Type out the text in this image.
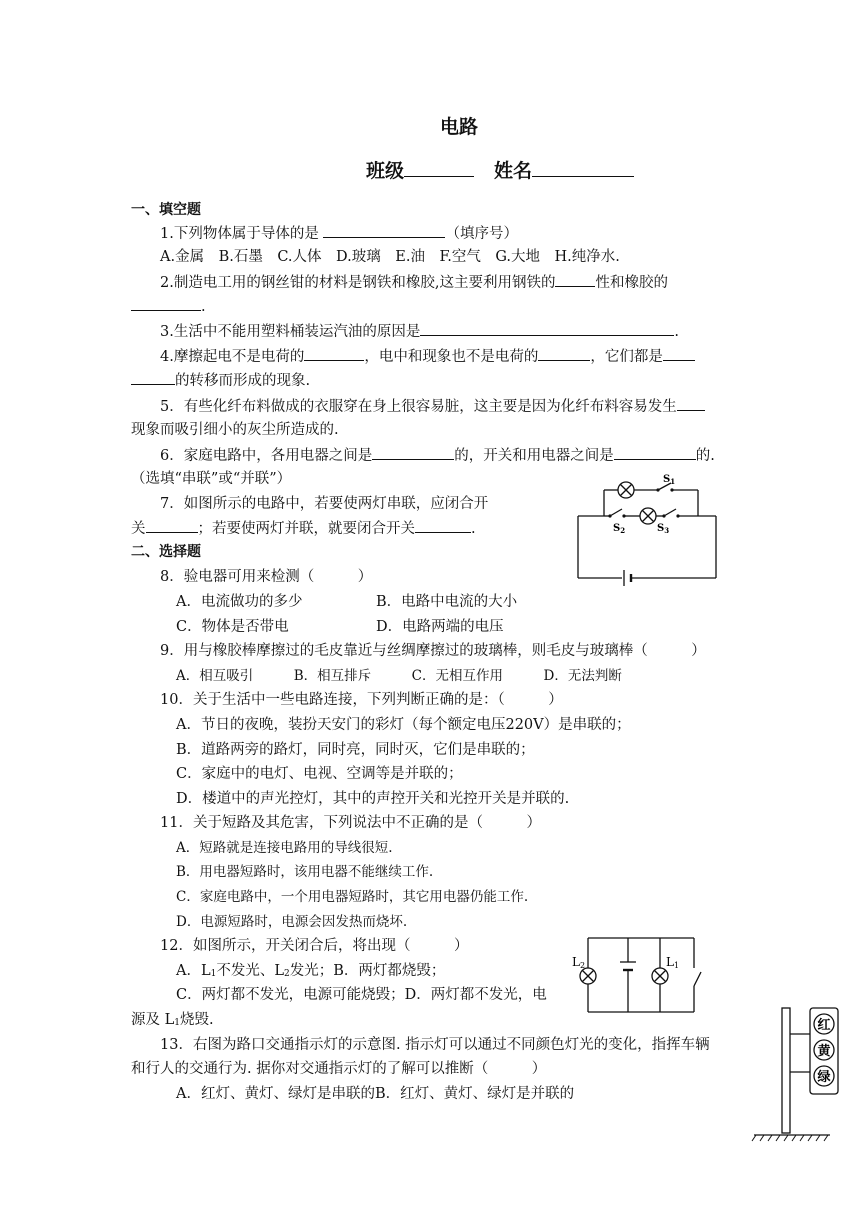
电路
班级	姓名
一、填空题
1.下列物体属于导体的是	（填序号）
A.金属　B.石墨　C.人体　D.玻璃　E.油　F.空气　G.大地　H.纯净水.
2.制造电工用的钢丝钳的材料是钢铁和橡胶,这主要利用钢铁的	性和橡胶的
.
3.生活中不能用塑料桶装运汽油的原因是	.
4.摩擦起电不是电荷的	，电中和现象也不是电荷的	，它们都是
的转移而形成的现象.
5．有些化纤布料做成的衣服穿在身上很容易脏，这主要是因为化纤布料容易发生
现象而吸引细小的灰尘所造成的.
6．家庭电路中，各用电器之间是	的，开关和用电器之间是	的.
（选填“串联”或“并联”）
7．如图所示的电路中，若要使两灯串联，应闭合开
关	；若要使两灯并联，就要闭合开关	.
$S_1$
$S_2$	$S_3$
二、选择题
8．验电器可用来检测（　　　）
A．电流做功的多少	B．电路中电流的大小
C．物体是否带电	D．电路两端的电压
9．用与橡胶棒摩擦过的毛皮靠近与丝绸摩擦过的玻璃棒，则毛皮与玻璃棒（　　　）
A．相互吸引　　　B．相互排斥　　　C．无相互作用　　　D．无法判断
10．关于生活中一些电路连接，下列判断正确的是：（　　　）
A．节日的夜晚，装扮天安门的彩灯（每个额定电压220V）是串联的；
B．道路两旁的路灯，同时亮，同时灭，它们是串联的；
C．家庭中的电灯、电视、空调等是并联的；
D．楼道中的声光控灯，其中的声控开关和光控开关是并联的.
11．关于短路及其危害，下列说法中不正确的是（　　　）
A．短路就是连接电路用的导线很短.
B．用电器短路时，该用电器不能继续工作.
C．家庭电路中，一个用电器短路时，其它用电器仍能工作.
D．电源短路时，电源会因发热而烧坏.
12．如图所示，开关闭合后，将出现（　　　）
A．$L_1$不发光、$L_2$发光；B．两灯都烧毁；
C．两灯都不发光，电源可能烧毁；D．两灯都不发光，电
源及 $L_1$烧毁.
L2	L1
13．右图为路口交通指示灯的示意图. 指示灯可以通过不同颜色灯光的变化，指挥车辆
和行人的交通行为. 据你对交通指示灯的了解可以推断（　　　）
A．红灯、黄灯、绿灯是串联的B．红灯、黄灯、绿灯是并联的
红
黄
绿
